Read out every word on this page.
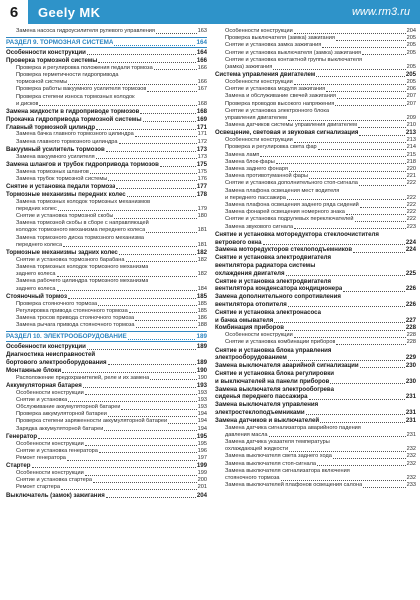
6	Geely MK	www.rm3.ru
Замена насоса гидроусилителя рулевого управления	163
РАЗДЕЛ 9. ТОРМОЗНАЯ СИСТЕМА	164
Особенности конструкции	164
Проверка тормозной системы	166
Проверка и регулировка положения педали тормоза	166
Проверка герметичности гидропривода
тормозной системы	166
Проверка работы вакуумного усилителя тормозов	167
Проверка степени износа тормозных колодок
и дисков	168
Замена жидкости в гидроприводе тормозов	168
Прокачка гидропривода тормозной системы	169
Главный тормозной цилиндр	171
Замена бачка главного тормозного цилиндра	171
Замена главного тормозного цилиндра	172
Вакуумный усилитель тормозов	173
Замена вакуумного усилителя	173
Замена шлангов и трубок гидропривода тормозов	175
Замена тормозных шлангов	175
Замена трубок тормозной системы	176
Снятие и установка педали тормоза	177
Тормозные механизмы передних колес	178
Замена тормозных колодок тормозных механизмов
передних колес	179
Снятие и установка тормозной скобы	180
Замена тормозной скобы в сборе с направляющей
колодок тормозного механизма переднего колеса	181
Замена тормозного диска тормозного механизма
переднего колеса	181
Тормозные механизмы задних колес	182
Снятие и установка тормозного барабана	182
Замена тормозных колодок тормозного механизма
заднего колеса	182
Замена рабочего цилиндра тормозного механизма
заднего колеса	184
Стояночный тормоз	185
Проверка стояночного тормоза	185
Регулировка привода стояночного тормоза	185
Замена тросов привода стояночного тормоза	186
Замена рычага привода стояночного тормоза	188
РАЗДЕЛ 10. ЭЛЕКТРООБОРУДОВАНИЕ	189
Особенности конструкции	189
Диагностика неисправностей
бортового электрооборудования	189
Монтажные блоки	190
Расположение предохранителей, реле и их замена	190
Аккумуляторная батарея	193
Особенности конструкции	193
Снятие и установка	193
Обслуживание аккумуляторной батареи	193
Проверка аккумуляторной батареи	194
Проверка степени заряженности аккумуляторной батареи	194
Зарядка аккумуляторной батареи	194
Генератор	195
Особенности конструкции	195
Снятие и установка генератора	196
Ремонт генератора	197
Стартер	199
Особенности конструкции	199
Снятие и установка стартера	200
Ремонт стартера	201
Выключатель (замок) зажигания	204
Особенности конструкции	204
Проверка выключателя (замка) зажигания	205
Снятие и установка замка зажигания	205
Снятие и установка выключателя (замка) зажигания	205
Снятие и установка контактной группы выключателя
(замка) зажигания	205
Система управления двигателем	205
Особенности конструкции	205
Снятие и установка модуля зажигания	206
Замена и обслуживание свечей зажигания	207
Проверка проводов высокого напряжения	207
Снятие и установка электронного блока
управления двигателем	209
Замена датчиков системы управления двигателем	210
Освещение, световая и звуковая сигнализация	213
Особенности конструкции	213
Проверка и регулировка света фар	214
Замена ламп	215
Замена блок-фары	218
Замена заднего фонаря	220
Замена противотуманной фары	221
Снятие и установка дополнительного стоп-сигнала	222
Замена плафона освещения мест водителя
и переднего пассажира	222
Замена плафона освещения заднего ряда сидений	222
Замена фонарей освещения номерного знака	222
Снятие и установка подрулевых переключателей	222
Замена звукового сигнала	223
Снятие и установка моторедуктора стеклоочистителя
ветрового окна	224
Замена моторедукторов стеклоподъемников	224
Снятие и установка электродвигателя
вентилятора радиатора системы
охлаждения двигателя	225
Снятие и установка электродвигателя
вентилятора конденсатора кондиционера	226
Замена дополнительного сопротивления
вентилятора отопителя	226
Снятие и установка электронасоса
и бачка омывателя	227
Комбинация приборов	228
Особенности конструкции	228
Снятие и установка комбинации приборов	228
Снятие и установка блока управления
электрооборудованием	229
Замена выключателя аварийной сигнализации	230
Снятие и установка блока регулировки
и выключателей на панели приборов	230
Замена выключателя электрообогрева
сиденья переднего пассажира	231
Замена выключателя управления
электростеклоподъемниками	231
Замена датчиков и выключателей	231
Замена датчика сигнализатора аварийного падения
давления масла	231
Замена датчика указателя температуры
охлаждающей жидкости	232
Замена выключателя света заднего хода	232
Замена выключателя стоп-сигнала	232
Замена выключателя сигнализатора включения
стояночного тормоза	232
Замена выключателей плафонов освещения салона	233
